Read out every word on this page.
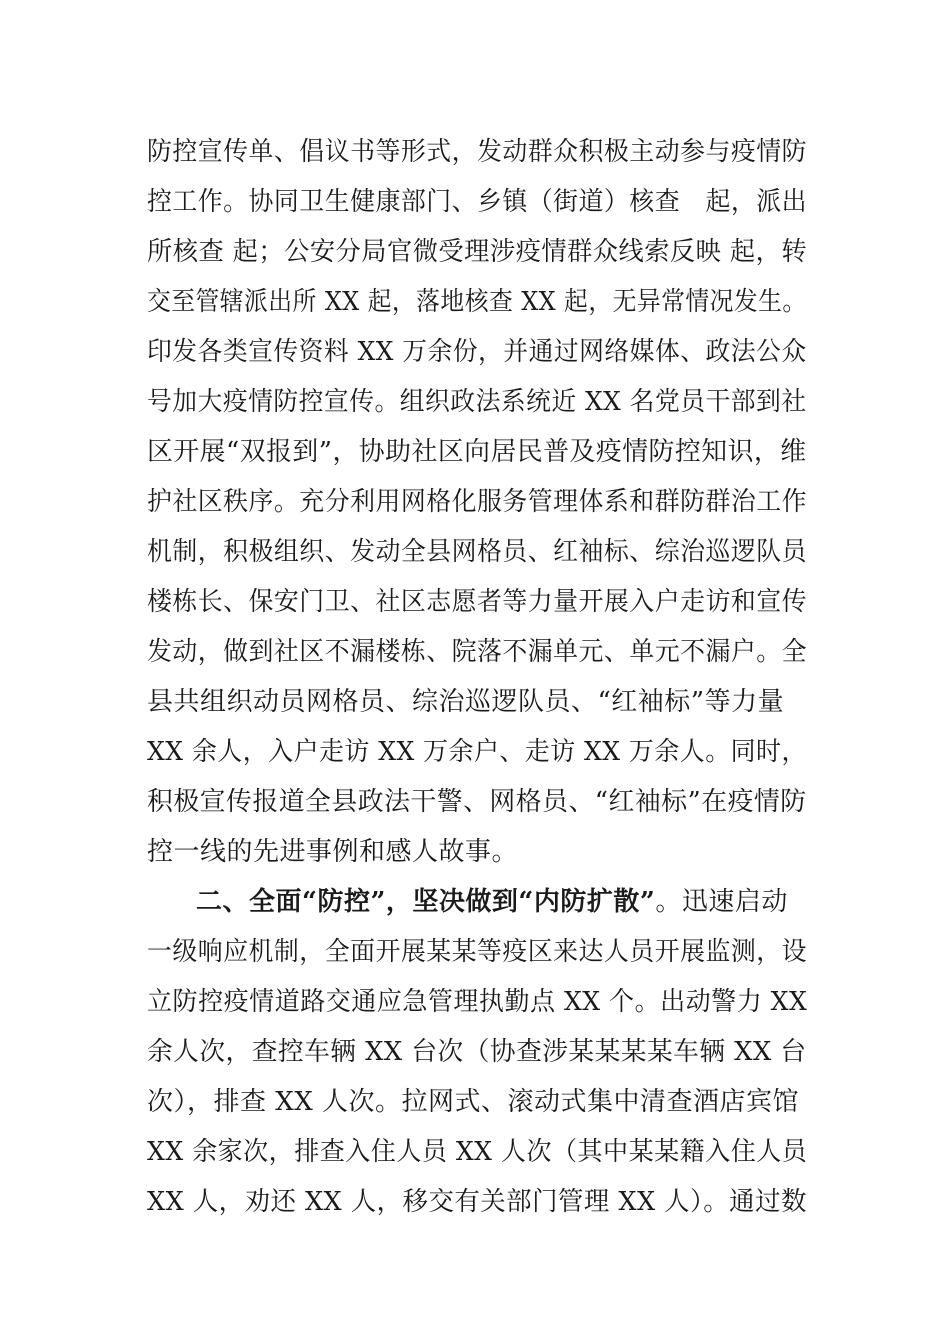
防控宣传单、倡议书等形式，发动群众积极主动参与疫情防
控工作。协同卫生健康部门、乡镇（街道）核查　起，派出
所核查 起；公安分局官微受理涉疫情群众线索反映 起，转
交至管辖派出所 XX 起，落地核查 XX 起，无异常情况发生。
印发各类宣传资料 XX 万余份，并通过网络媒体、政法公众
号加大疫情防控宣传。组织政法系统近 XX 名党员干部到社
区开展“双报到”，协助社区向居民普及疫情防控知识，维
护社区秩序。充分利用网格化服务管理体系和群防群治工作
机制，积极组织、发动全县网格员、红袖标、综治巡逻队员
楼栋长、保安门卫、社区志愿者等力量开展入户走访和宣传
发动，做到社区不漏楼栋、院落不漏单元、单元不漏户。全
县共组织动员网格员、综治巡逻队员、“红袖标”等力量
XX 余人，入户走访 XX 万余户、走访 XX 万余人。同时，
积极宣传报道全县政法干警、网格员、“红袖标”在疫情防
控一线的先进事例和感人故事。
二、全面“防控”，坚决做到“内防扩散”。迅速启动
一级响应机制，全面开展某某等疫区来达人员开展监测，设
立防控疫情道路交通应急管理执勤点 XX 个。出动警力 XX
余人次，查控车辆 XX 台次（协查涉某某某某车辆 XX 台
次），排查 XX 人次。拉网式、滚动式集中清查酒店宾馆
XX 余家次，排查入住人员 XX 人次（其中某某籍入住人员
XX 人，劝还 XX 人，移交有关部门管理 XX 人）。通过数
